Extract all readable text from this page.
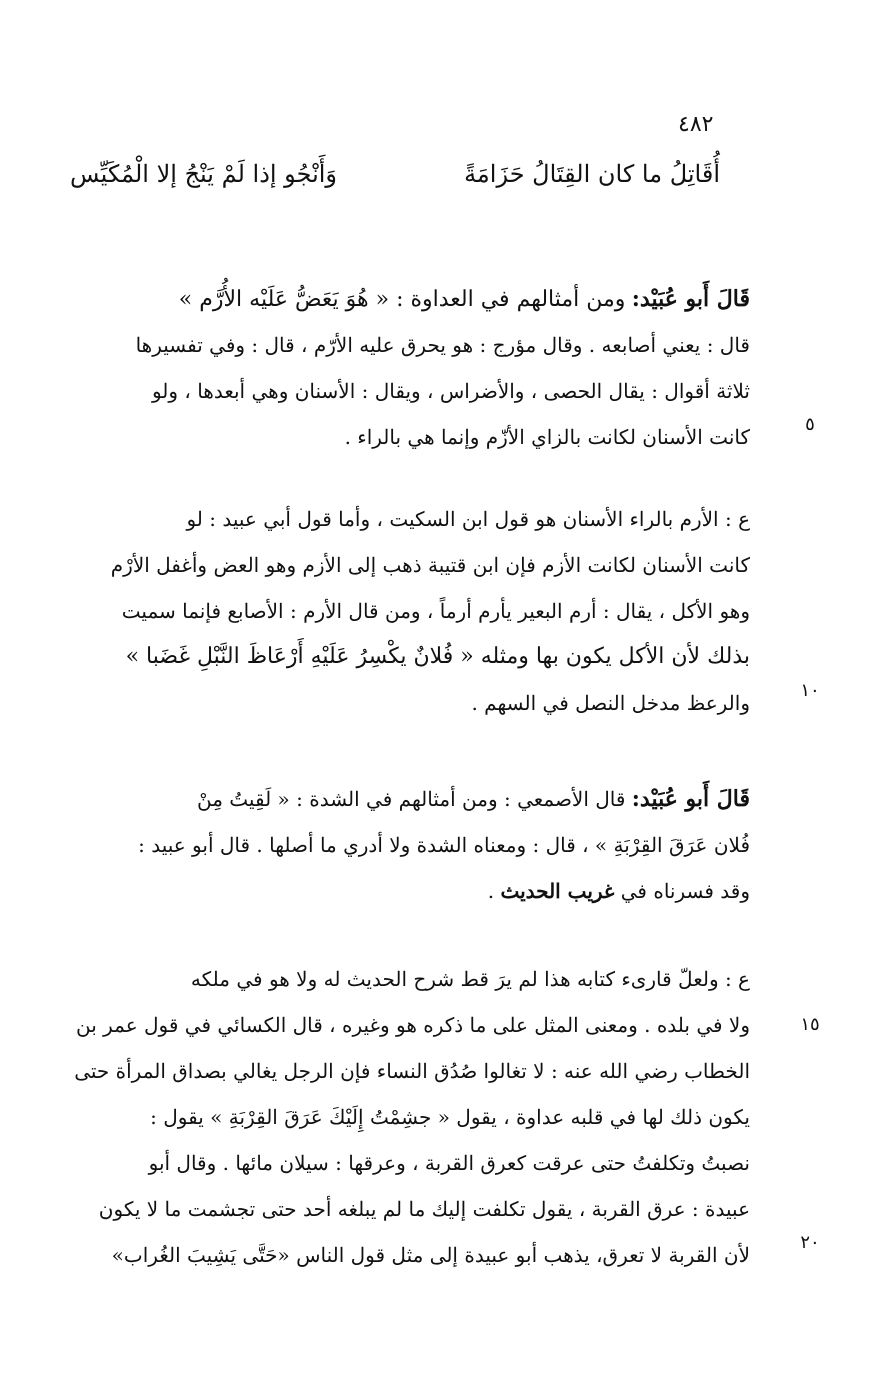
٤٨٢
أُقَاتِلُ ما كان القِتَالُ حَزَامَةً
وَأَنْجُو إذا لَمْ يَنْجُ إلا الْمُكَيِّس
قَالَ أَبو عُبَيْد: ومن أمثالهم في العداوة : « هُوَ يَعَضُّ عَلَيْه الأُرَّم »
قال : يعني أصابعه . وقال مؤرج : هو يحرق عليه الأرّم ، قال : وفي تفسيرها
ثلاثة أقوال : يقال الحصى ، والأضراس ، ويقال : الأسنان وهي أبعدها ، ولو
كانت الأسنان لكانت بالزاي الأزّم وإنما هي بالراء .
٥
ع : الأرم بالراء الأسنان هو قول ابن السكيت ، وأما قول أبي عبيد : لو
كانت الأسنان لكانت الأزم فإن ابن قتيبة ذهب إلى الأزم وهو العض وأغفل الأرْم
وهو الأكل ، يقال : أرم البعير يأرم أرماً ، ومن قال الأرم : الأصابع فإنما سميت
بذلك لأن الأكل يكون بها ومثله « فُلانٌ يكْسِرُ عَلَيْهِ أَرْعَاظَ النَّبْلِ غَضَبا »
والرعظ مدخل النصل في السهم .
١٠
قَالَ أَبو عُبَيْد: قال الأصمعي : ومن أمثالهم في الشدة : « لَقِيتُ مِنْ
فُلان عَرَقَ القِرْبَةِ » ، قال : ومعناه الشدة ولا أدري ما أصلها . قال أبو عبيد :
وقد فسرناه في غريب الحديث .
ع : ولعلّ قارىء كتابه هذا لم يرَ قط شرح الحديث له ولا هو في ملكه
ولا في بلده . ومعنى المثل على ما ذكره هو وغيره ، قال الكسائي في قول عمر بن
الخطاب رضي الله عنه : لا تغالوا صُدُق النساء فإن الرجل يغالي بصداق المرأة حتى
يكون ذلك لها في قلبه عداوة ، يقول « جشِمْتُ إِلَيْكَ عَرَقَ القِرْبَةِ » يقول :
نصبتُ وتكلفتُ حتى عرقت كعرق القربة ، وعرقها : سيلان مائها . وقال أبو
عبيدة : عرق القربة ، يقول تكلفت إليك ما لم يبلغه أحد حتى تجشمت ما لا يكون
لأن القربة لا تعرق، يذهب أبو عبيدة إلى مثل قول الناس «حَتَّى يَشِيبَ الغُراب»
١٥
٢٠
